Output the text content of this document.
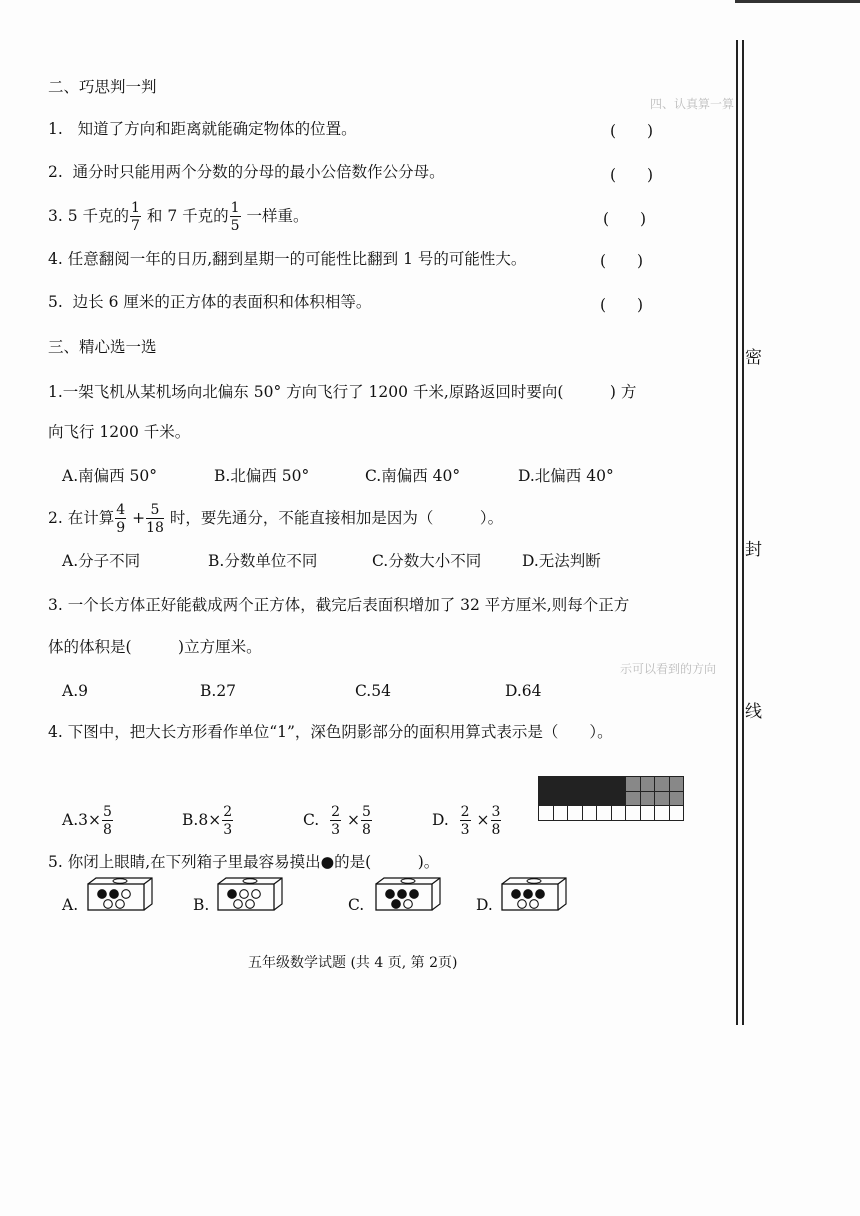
四、认真算一算
示可以看到的方向
二、巧思判一判
1. 知道了方向和距离就能确定物体的位置。	(　　)
2. 通分时只能用两个分数的分母的最小公倍数作公分母。	(　　)
3. 5 千克的 $\frac{1}{7}$ 和 7 千克的 $\frac{1}{5}$ 一样重。	(　　)
4. 任意翻阅一年的日历,翻到星期一的可能性比翻到 1 号的可能性大。	(　　)
5. 边长 6 厘米的正方体的表面积和体积相等。	(　　)
三、精心选一选
1.一架飞机从某机场向北偏东 50° 方向飞行了 1200 千米,原路返回时要向(　　　) 方
向飞行 1200 千米。
A.南偏西 50°	B.北偏西 50°	C.南偏西 40°	D.北偏西 40°
2. 在计算 $\frac{4}{9} + \frac{5}{18}$ 时，要先通分，不能直接相加是因为（　　　）。
A.分子不同	B.分数单位不同	C.分数大小不同	D.无法判断
3. 一个长方体正好能截成两个正方体，截完后表面积增加了 32 平方厘米,则每个正方
体的体积是(　　　)立方厘米。
A.9	B.27	C.54	D.64
4. 下图中，把大长方形看作单位“1”，深色阴影部分的面积用算式表示是（　　）。

$A.3\times \frac{5}{8}$	$B.8\times \frac{2}{3}$	C. $\frac{2}{3} \times \frac{5}{8}$	D. $\frac{2}{3} \times \frac{3}{8}$
5. 你闭上眼睛,在下列箱子里最容易摸出●的是(　　　)。
A.	B.	C.	D.
五年级数学试题 (共 4 页, 第 2页)
密
封
线
